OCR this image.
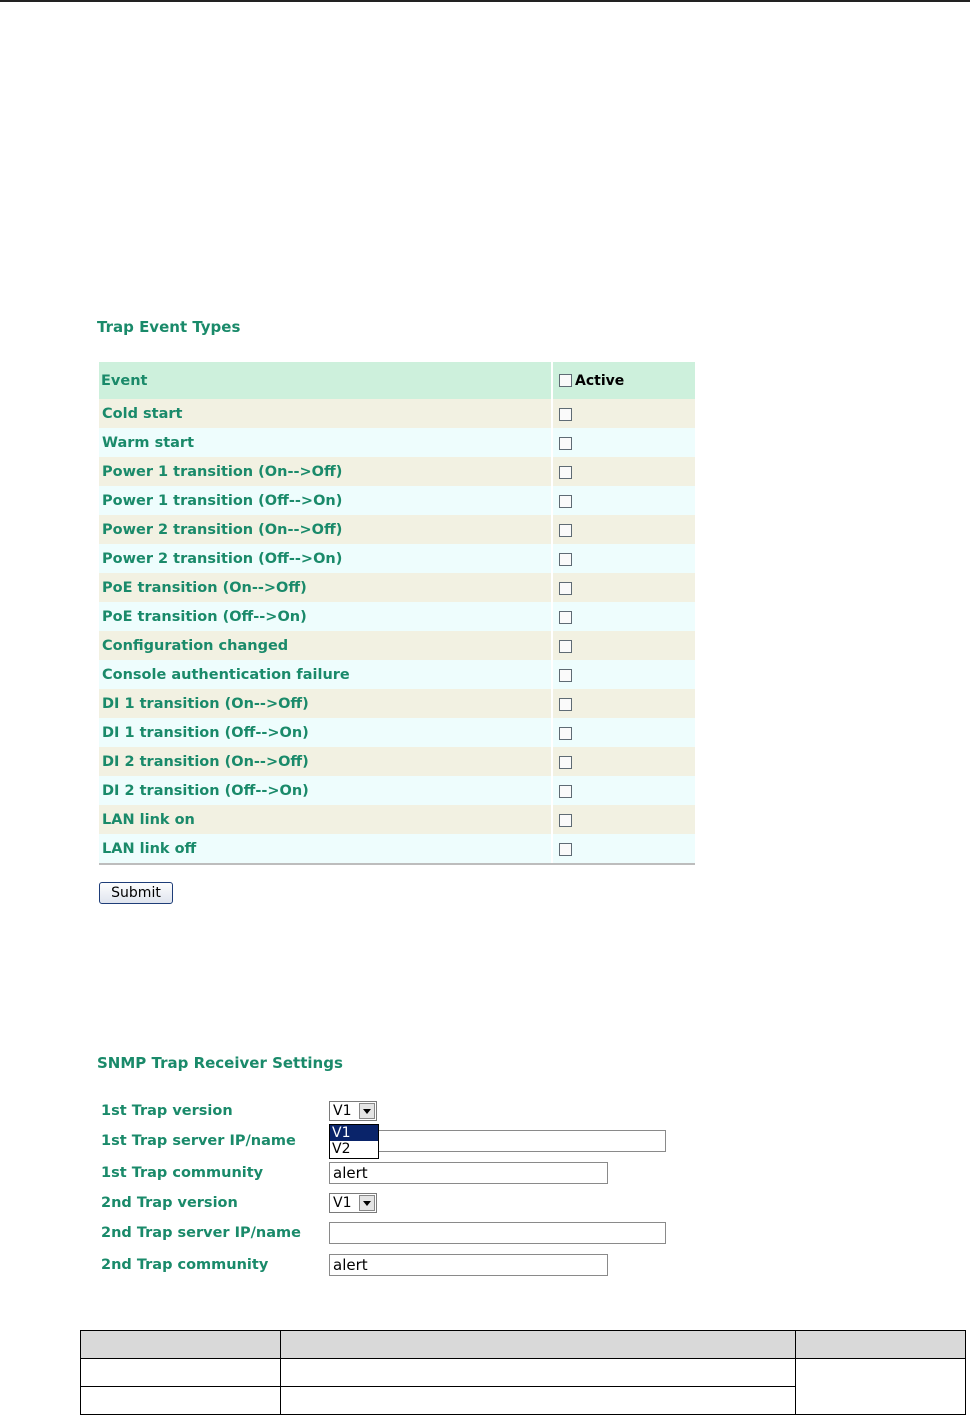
Trap Event Types
Event	Active
Cold start	
Warm start	
Power 1 transition (On-->Off)	
Power 1 transition (Off-->On)	
Power 2 transition (On-->Off)	
Power 2 transition (Off-->On)	
PoE transition (On-->Off)	
PoE transition (Off-->On)	
Configuration changed	
Console authentication failure	
DI 1 transition (On-->Off)	
DI 1 transition (Off-->On)	
DI 2 transition (On-->Off)	
DI 2 transition (Off-->On)	
LAN link on	
LAN link off	
Submit
SNMP Trap Receiver Settings
1st Trap version	V1
1st Trap server IP/name
1st Trap community	alert
V1
V2
2nd Trap version	V1
2nd Trap server IP/name
2nd Trap community	alert
